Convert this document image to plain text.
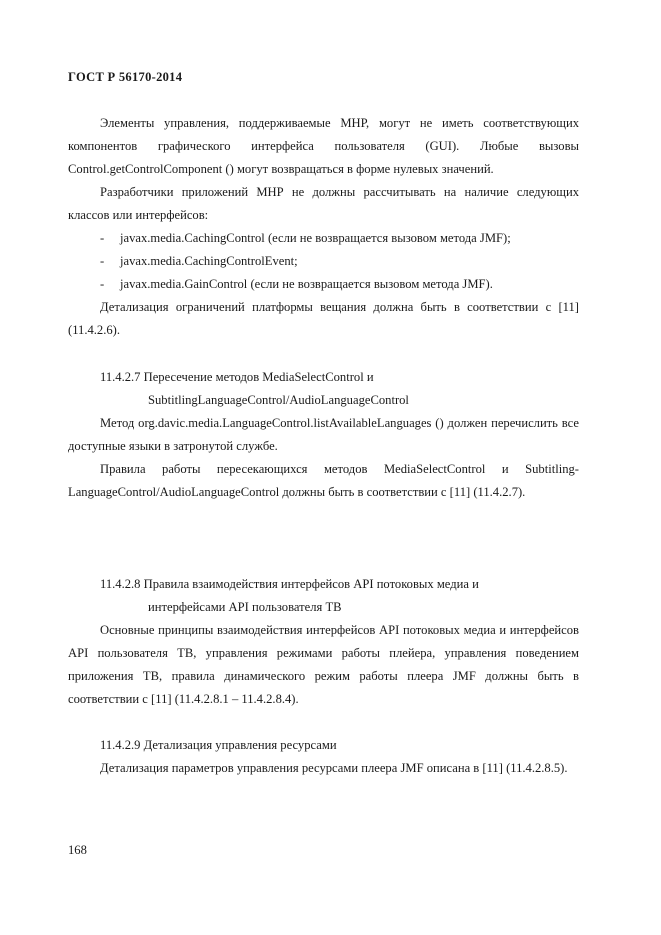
ГОСТ Р 56170-2014
Элементы управления, поддерживаемые МНР, могут не иметь соответствующих компонентов графического интерфейса пользователя (GUI). Любые вызовы Control.getControlComponent () могут возвращаться в форме нулевых значений.
Разработчики приложений МНР не должны рассчитывать на наличие следующих классов или интерфейсов:
- javax.media.CachingControl (если не возвращается вызовом метода JMF);
- javax.media.CachingControlEvent;
- javax.media.GainControl (если не возвращается вызовом метода JMF).
Детализация ограничений платформы вещания должна быть в соответствии с [11] (11.4.2.6).
11.4.2.7 Пересечение методов MediaSelectControl и
SubtitlingLanguageControl/AudioLanguageControl
Метод org.davic.media.LanguageControl.listAvailableLanguages () должен перечислить все доступные языки в затронутой службе.
Правила работы пересекающихся методов MediaSelectControl и Subtitling-LanguageControl/AudioLanguageControl должны быть в соответствии с [11] (11.4.2.7).
11.4.2.8 Правила взаимодействия интерфейсов API потоковых медиа и
интерфейсами API пользователя ТВ
Основные принципы взаимодействия интерфейсов API потоковых медиа и интерфейсов API пользователя ТВ, управления режимами работы плейера, управления поведением приложения ТВ, правила динамического режим работы плеера JMF должны быть в соответствии с [11] (11.4.2.8.1 – 11.4.2.8.4).
11.4.2.9 Детализация управления ресурсами
Детализация параметров управления ресурсами плеера JMF описана в [11] (11.4.2.8.5).
168
